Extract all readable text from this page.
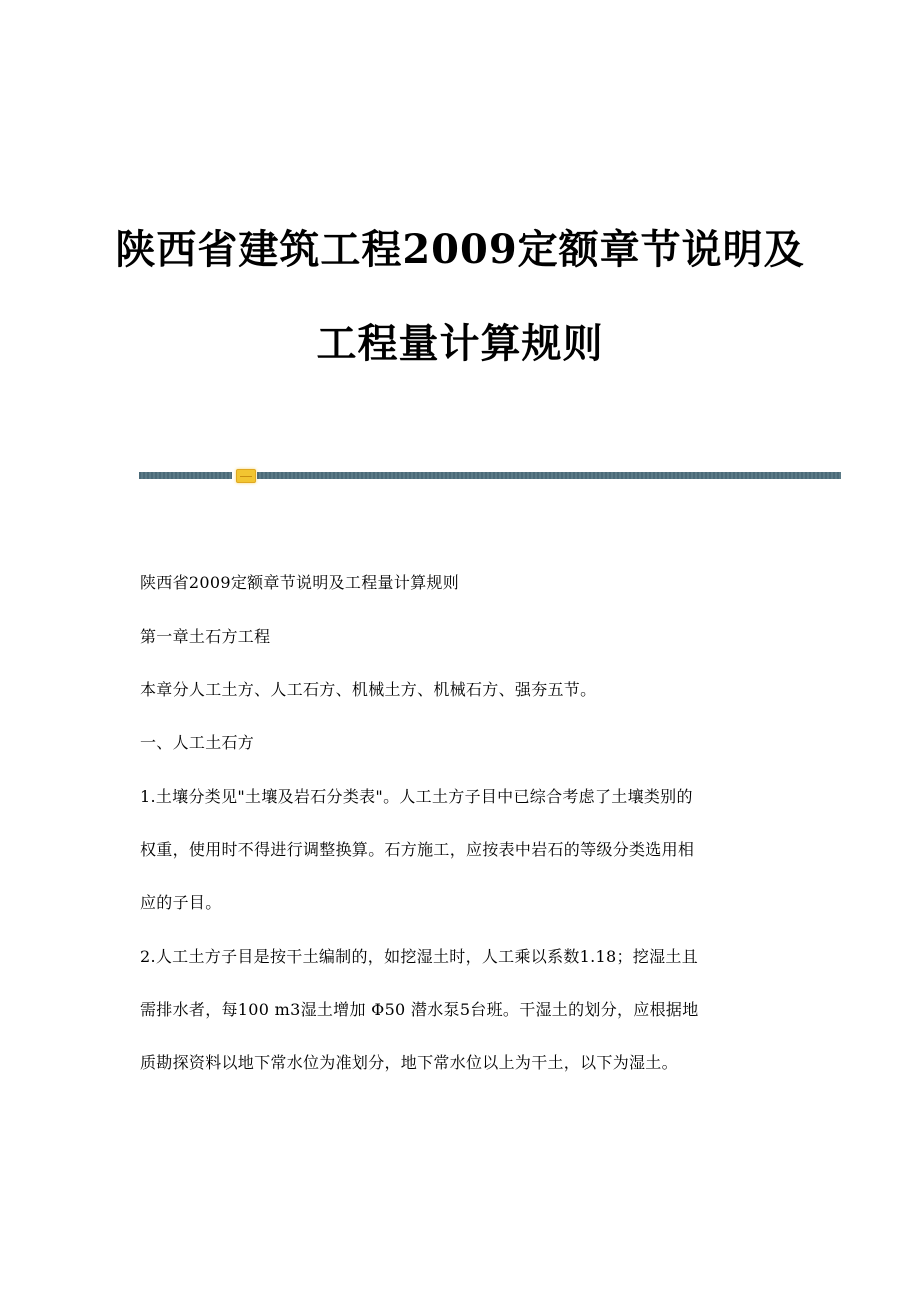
陕西省建筑工程2009定额章节说明及
工程量计算规则
陕西省2009定额章节说明及工程量计算规则
第一章土石方工程
本章分人工土方、人工石方、机械土方、机械石方、强夯五节。
一、人工土石方
1.土壤分类见"土壤及岩石分类表"。人工土方子目中已综合考虑了土壤类别的
权重，使用时不得进行调整换算。石方施工，应按表中岩石的等级分类选用相
应的子目。
2.人工土方子目是按干土编制的，如挖湿土时，人工乘以系数1.18；挖湿土且
需排水者，每100 m3湿土增加 Φ50 潜水泵5台班。干湿土的划分，应根据地
质勘探资料以地下常水位为准划分，地下常水位以上为干土，以下为湿土。
